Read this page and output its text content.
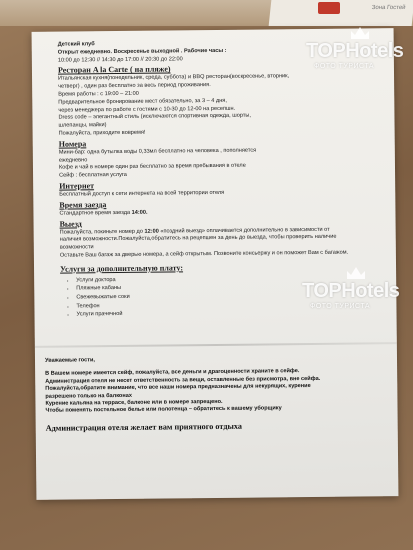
Зона Гостей

Детский клуб

Открыт ежедневно. Воскресенье выходной . Рабочие часы :

10:00 до 12:30 // 14:30 до 17:00 // 20:30 до 22:00

Ресторан A la Carte ( на пляже)

Итальянская кухня(понедельник, среда, суббота) и BBQ ресторан(воскресенье, вторник,

четверг) , один раз бесплатно за весь период проживания.

Время работы : с 19:00 – 21:00

Предварительное бронирование мест обязательно, за 3 – 4 дня,

через менеджера по работе с гостями с 10-30 до 12-00 на ресепшн.

Dress code – элегантный стиль (исключаются спортивная одежда, шорты,

шлепанцы, майки)

Пожалуйста, приходите вовремя!

Номера

Мини-бар: одна бутылка воды 0,33мл бесплатно на человека , пополняется

ежедневно

Кофе и чай в номере один раз бесплатно за время пребывания в отеле

Сейф : бесплатная услуга

Интернет

Бесплатный доступ к сети интернета на всей территории отеля

Время заезда

Стандартное время заезда 14:00.

Выезд

Пожалуйста, покиньте номер до 12:00 «поздний выезд» оплачивается дополнительно в зависимости от

наличия возможности.Пожалуйста,обратитесь на рецепшен за день до выезда, чтобы проверить наличие

возможности

Оставьте Ваш багаж за дверью номера, а сейф открытым. Позвоните консьержу и он поможет Вам с багажом.

Услуги за дополнительную плату:

• Услуги доктора
• Пляжные кабаны
• Свежевыжатые соки
• Телефон
• Услуги прачечной

Уважаемые гости,

В Вашем номере имеется сейф, пожалуйста, все деньги и драгоценности храните в сейфе.

Администрация отеля не несет ответственность за вещи, оставленные без присмотра, вне сейфа.

Пожалуйста,обратите внимание, что все наши номера предназначены для некурящих, курение

разрешено только на балконах

Курение кальяна на террасе, балконе или в номере запрещено.

Чтобы поменять постельное белье или полотенца – обратитесь к вашему уборщику

Администрация отеля желает вам приятного отдыха

TOPHotels
ФОТО ТУРИСТА
TOPHotels
ФОТО ТУРИСТА
